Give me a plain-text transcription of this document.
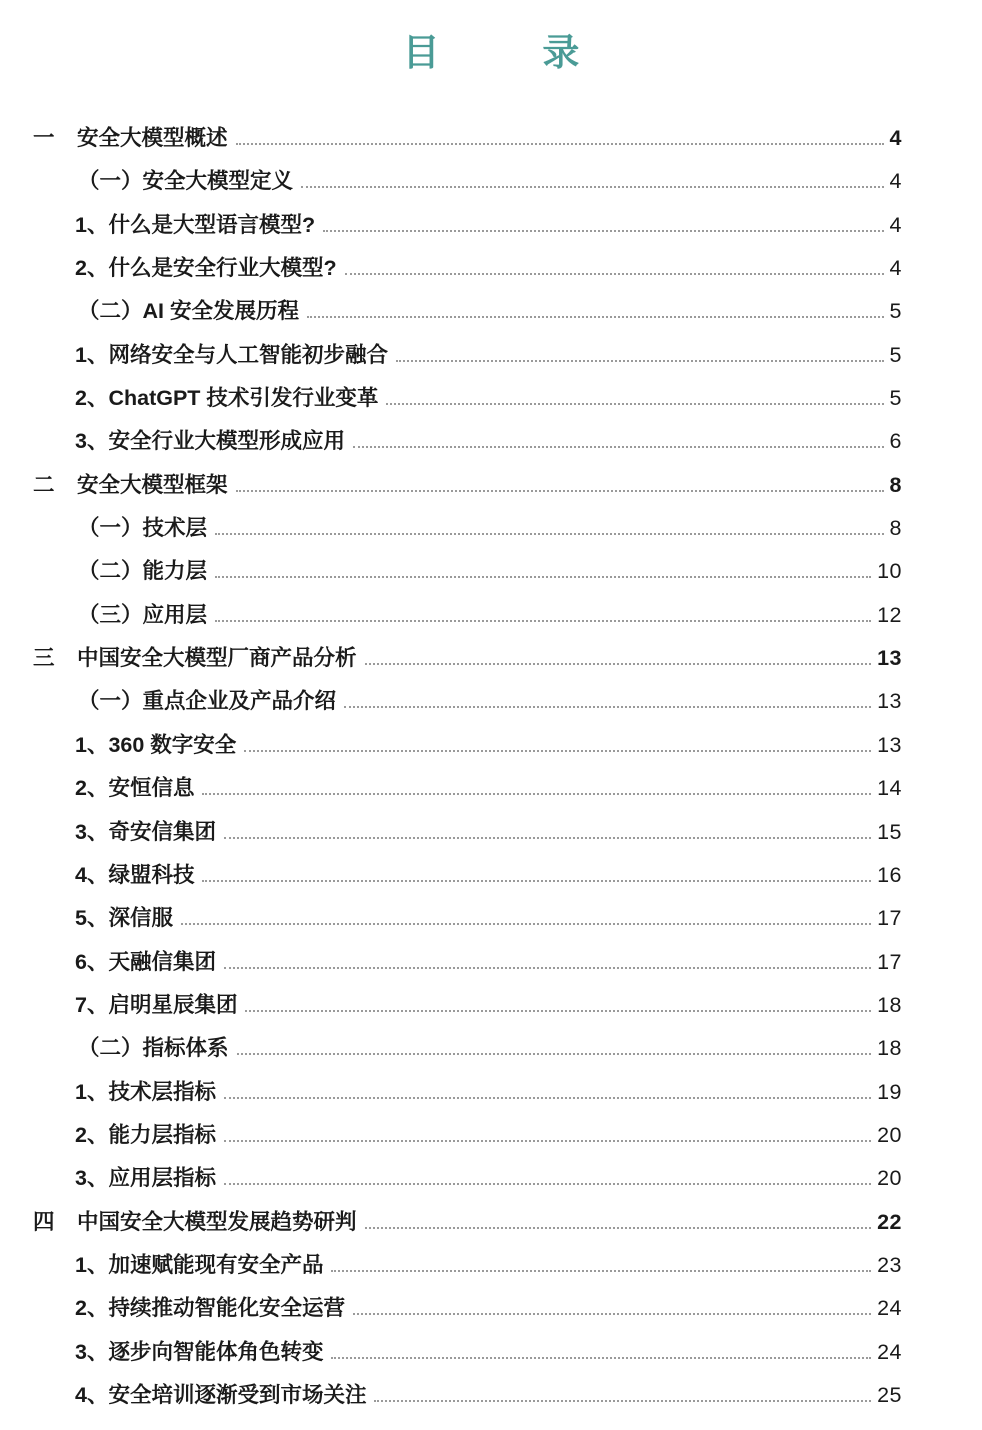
目 录
一	安全大模型概述	4
（一）安全大模型定义	4
1、什么是大型语言模型?	4
2、什么是安全行业大模型?	4
（二）AI 安全发展历程	5
1、网络安全与人工智能初步融合	5
2、ChatGPT 技术引发行业变革	5
3、安全行业大模型形成应用	6
二	安全大模型框架	8
（一）技术层	8
（二）能力层	10
（三）应用层	12
三	中国安全大模型厂商产品分析	13
（一）重点企业及产品介绍	13
1、360 数字安全	13
2、安恒信息	14
3、奇安信集团	15
4、绿盟科技	16
5、深信服	17
6、天融信集团	17
7、启明星辰集团	18
（二）指标体系	18
1、技术层指标	19
2、能力层指标	20
3、应用层指标	20
四	中国安全大模型发展趋势研判	22
1、加速赋能现有安全产品	23
2、持续推动智能化安全运营	24
3、逐步向智能体角色转变	24
4、安全培训逐渐受到市场关注	25
